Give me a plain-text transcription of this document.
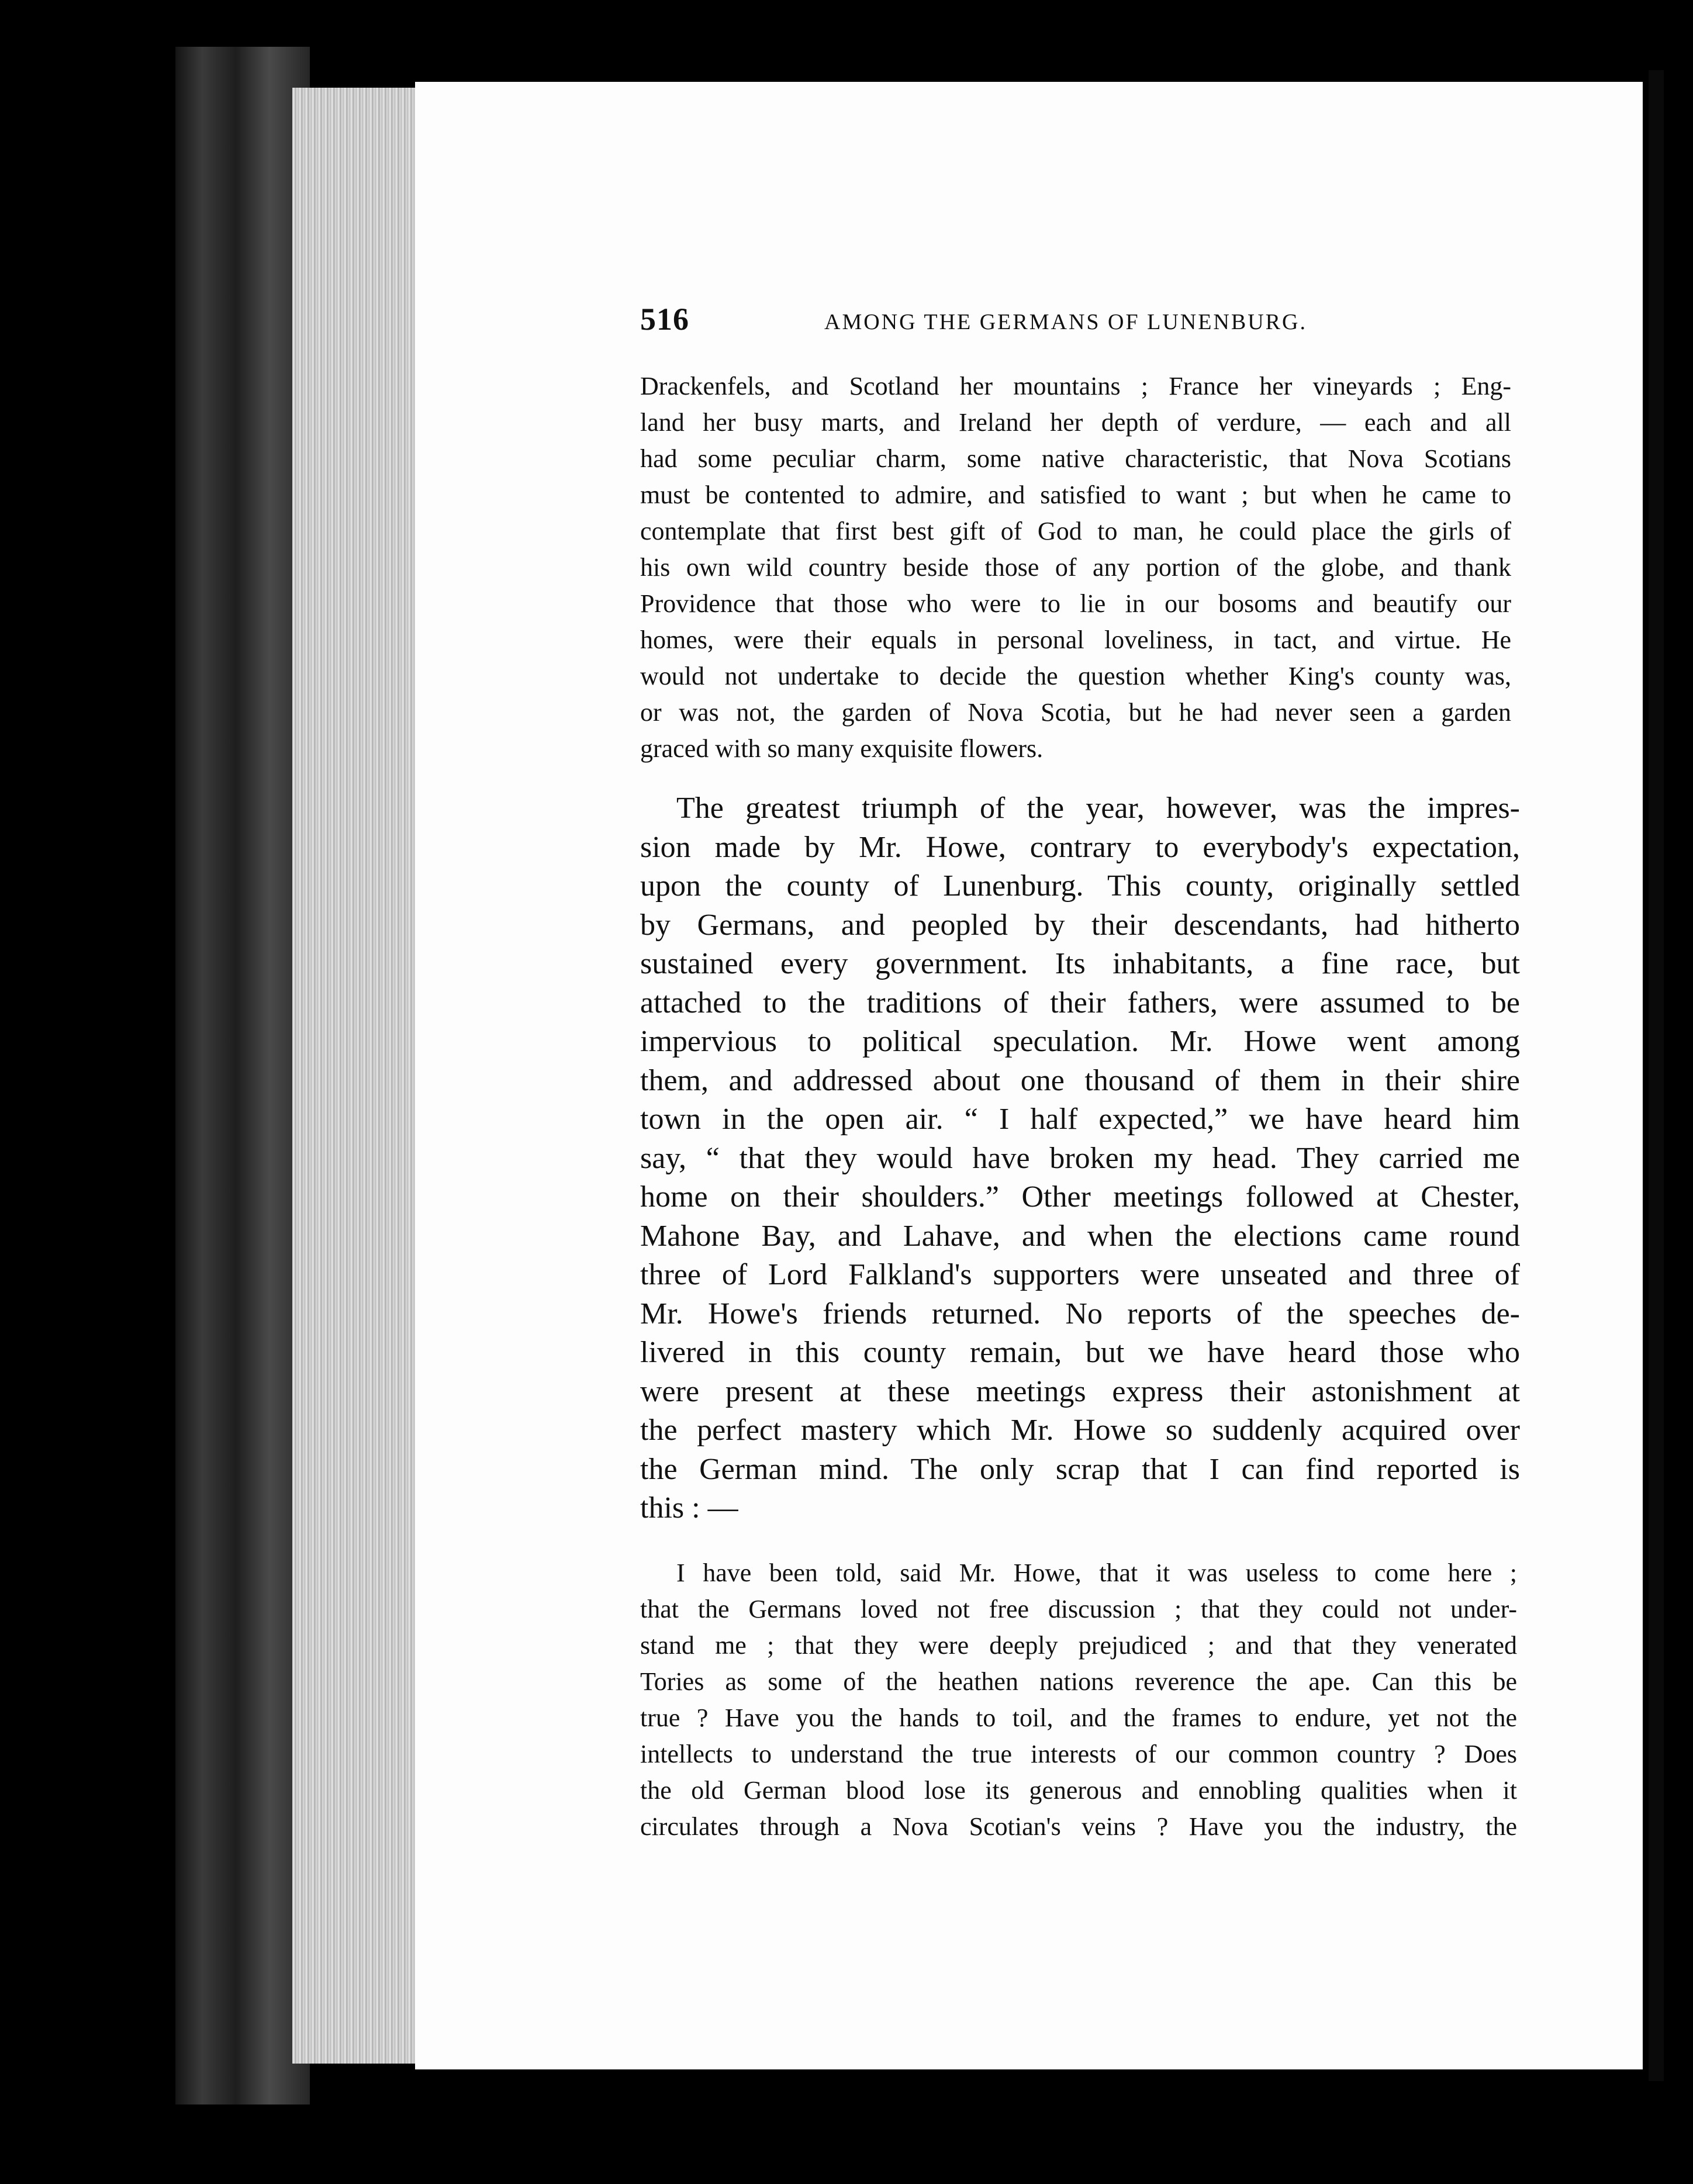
516	AMONG THE GERMANS OF LUNENBURG.
Drackenfels, and Scotland her mountains ; France her vineyards ; Eng-
land her busy marts, and Ireland her depth of verdure, — each and all
had some peculiar charm, some native characteristic, that Nova Scotians
must be contented to admire, and satisfied to want ; but when he came to
contemplate that first best gift of God to man, he could place the girls of
his own wild country beside those of any portion of the globe, and thank
Providence that those who were to lie in our bosoms and beautify our
homes, were their equals in personal loveliness, in tact, and virtue. He
would not undertake to decide the question whether King's county was,
or was not, the garden of Nova Scotia, but he had never seen a garden
graced with so many exquisite flowers.
The greatest triumph of the year, however, was the impres-
sion made by Mr. Howe, contrary to everybody's expectation,
upon the county of Lunenburg. This county, originally settled
by Germans, and peopled by their descendants, had hitherto
sustained every government. Its inhabitants, a fine race, but
attached to the traditions of their fathers, were assumed to be
impervious to political speculation. Mr. Howe went among
them, and addressed about one thousand of them in their shire
town in the open air. “ I half expected,” we have heard him
say, “ that they would have broken my head. They carried me
home on their shoulders.” Other meetings followed at Chester,
Mahone Bay, and Lahave, and when the elections came round
three of Lord Falkland's supporters were unseated and three of
Mr. Howe's friends returned. No reports of the speeches de-
livered in this county remain, but we have heard those who
were present at these meetings express their astonishment at
the perfect mastery which Mr. Howe so suddenly acquired over
the German mind. The only scrap that I can find reported is
this : —
I have been told, said Mr. Howe, that it was useless to come here ;
that the Germans loved not free discussion ; that they could not under-
stand me ; that they were deeply prejudiced ; and that they venerated
Tories as some of the heathen nations reverence the ape. Can this be
true ? Have you the hands to toil, and the frames to endure, yet not the
intellects to understand the true interests of our common country ? Does
the old German blood lose its generous and ennobling qualities when it
circulates through a Nova Scotian's veins ? Have you the industry, the
